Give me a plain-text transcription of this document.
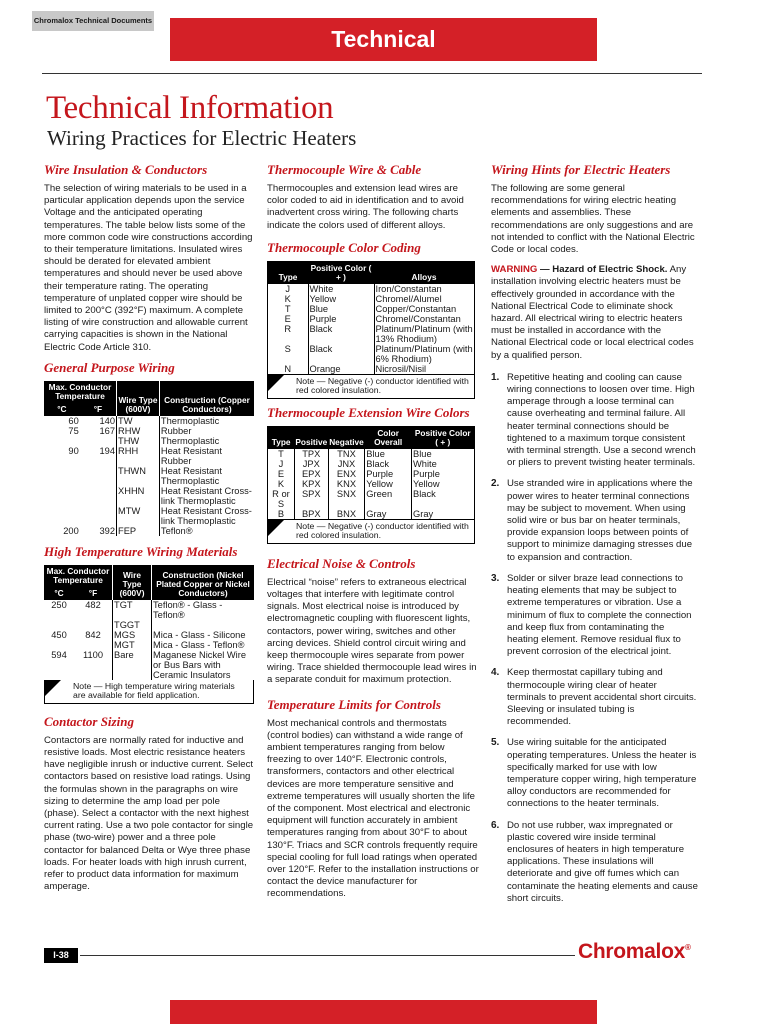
Chromalox Technical Documents
Technical
Technical Information
Wiring Practices for Electric Heaters
Wire Insulation & Conductors

The selection of wiring materials to be used in a particular application depends upon the service Voltage and the anticipated operating temperatures. The table below lists some of the more common code wire constructions according to their temperature limitations. Insulated wires should be derated for elevated ambient temperatures and should never be used above their temperature rating. The operating temperature of unplated copper wire should be limited to 200°C (392°F) maximum. A complete listing of wire construction and allowable current carrying capacities is shown in the National Electric Code Article 310.

General Purpose Wiring
Max. Conductor Temperature		Wire Type (600V)	Construction (Copper Conductors)
°C	°F		
60	140	TW	Thermoplastic
75	167	RHW	Rubber
		THW	Thermoplastic
90	194	RHH	Heat Resistant Rubber
		THWN	Heat Resistant Thermoplastic
		XHHN	Heat Resistant Cross-link Thermoplastic
		MTW	Heat Resistant Cross-link Thermoplastic
200	392	FEP	Teflon®
High Temperature Wiring Materials
Max. Conductor Temperature		Wire Type (600V)	Construction (Nickel Plated Copper or Nickel Conductors)
°C	°F		
250	482	TGT	Teflon® - Glass - Teflon®
		TGGT	
450	842	MGS	Mica - Glass - Silicone
		MGT	Mica - Glass - Teflon®
594	1100	Bare	Maganese Nickel Wire or Bus Bars with Ceramic Insulators
Note — High temperature wiring materials are available for field application.
Contactor Sizing

Contactors are normally rated for inductive and resistive loads. Most electric resistance heaters have negligible inrush or inductive current. Select contactors based on resistive load ratings. Using the formulas shown in the paragraphs on wire sizing to determine the amp load per pole (phase). Select a contactor with the next highest current rating. Use a two pole contactor for single phase (two-wire) power and a three pole contactor for balanced Delta or Wye three phase loads. For heater loads with high inrush current, refer to product data information for maximum amperage.

Thermocouple Wire & Cable

Thermocouples and extension lead wires are color coded to aid in identification and to avoid inadvertent cross wiring. The following charts indicate the colors used of different alloys.

Thermocouple Color Coding
Type	Positive Color ( + )	Alloys
J	White	Iron/Constantan
K	Yellow	Chromel/Alumel
T	Blue	Copper/Constantan
E	Purple	Chromel/Constantan
R	Black	Platinum/Platinum (with 13% Rhodium)
S	Black	Platinum/Platinum (with 6% Rhodium)
N	Orange	Nicrosil/Nisil
Note — Negative (-) conductor identified with red colored insulation.
Thermocouple Extension Wire Colors
Type	Positive	Negative	Color Overall	Positive Color ( + )
T	TPX	TNX	Blue	Blue
J	JPX	JNX	Black	White
E	EPX	ENX	Purple	Purple
K	KPX	KNX	Yellow	Yellow
R or S	SPX	SNX	Green	Black
B	BPX	BNX	Gray	Gray
Note — Negative (-) conductor identified with red colored insulation.
Electrical Noise & Controls

Electrical “noise” refers to extraneous electrical voltages that interfere with legitimate control signals. Most electrical noise is introduced by electromagnetic coupling with fluorescent lights, contactors, power wiring, switches and other arcing devices. Shield control circuit wiring and keep thermocouple wires separate from power wiring. Trace shielded thermocouple lead wires in a separate conduit for maximum protection.

Temperature Limits for Controls

Most mechanical controls and thermostats (control bodies) can withstand a wide range of ambient temperatures ranging from below freezing to over 140°F. Electronic controls, transformers, contactors and other electrical devices are more temperature sensitive and extreme temperatures will usually shorten the life of the component. Most electrical and electronic equipment will function accurately in ambient temperatures ranging from about 30°F to about 130°F. Triacs and SCR controls frequently require special cooling for full load ratings when operated over 120°F. Refer to the installation instructions or contact the device manufacturer for recommendations.

Wiring Hints for Electric Heaters

The following are some general recommendations for wiring electric heating elements and assemblies. These recommendations are only suggestions and are not intended to conflict with the National Electric Code or local codes.

WARNING — Hazard of Electric Shock. Any installation involving electric heaters must be effectively grounded in accordance with the National Electrical Code to eliminate shock hazard. All electrical wiring to electric heaters must be installed in accordance with the National Electrical code or local electrical codes by a qualified person.

1. Repetitive heating and cooling can cause wiring connections to loosen over time. High amperage through a loose terminal can cause overheating and terminal failure. All heater terminal connections should be tightened to a maximum torque consistent with terminal strength. Use a second wrench or pliers to prevent twisting heater terminals.
2. Use stranded wire in applications where the power wires to heater terminal connections may be subject to movement. When using solid wire or bus bar on heater terminals, provide expansion loops between points of support to minimize damaging stresses due to expansion and contraction.
3. Solder or silver braze lead connections to heating elements that may be subject to extreme temperatures or vibration. Use a minimum of flux to complete the connection and keep flux from contaminating the heating element. Remove residual flux to prevent corrosion of the electrical joint.
4. Keep thermostat capillary tubing and thermocouple wiring clear of heater terminals to prevent accidental short circuits. Sleeving or insulated tubing is recommended.
5. Use wiring suitable for the anticipated operating temperatures. Unless the heater is specifically marked for use with low temperature copper wiring, high temperature alloy conductors are recommended for connections to the heater terminals.
6. Do not use rubber, wax impregnated or plastic covered wire inside terminal enclosures of heaters in high temperature applications. These insulations will deteriorate and give off fumes which can contaminate the heating elements and cause short circuits.
I-38	Chromalox®
